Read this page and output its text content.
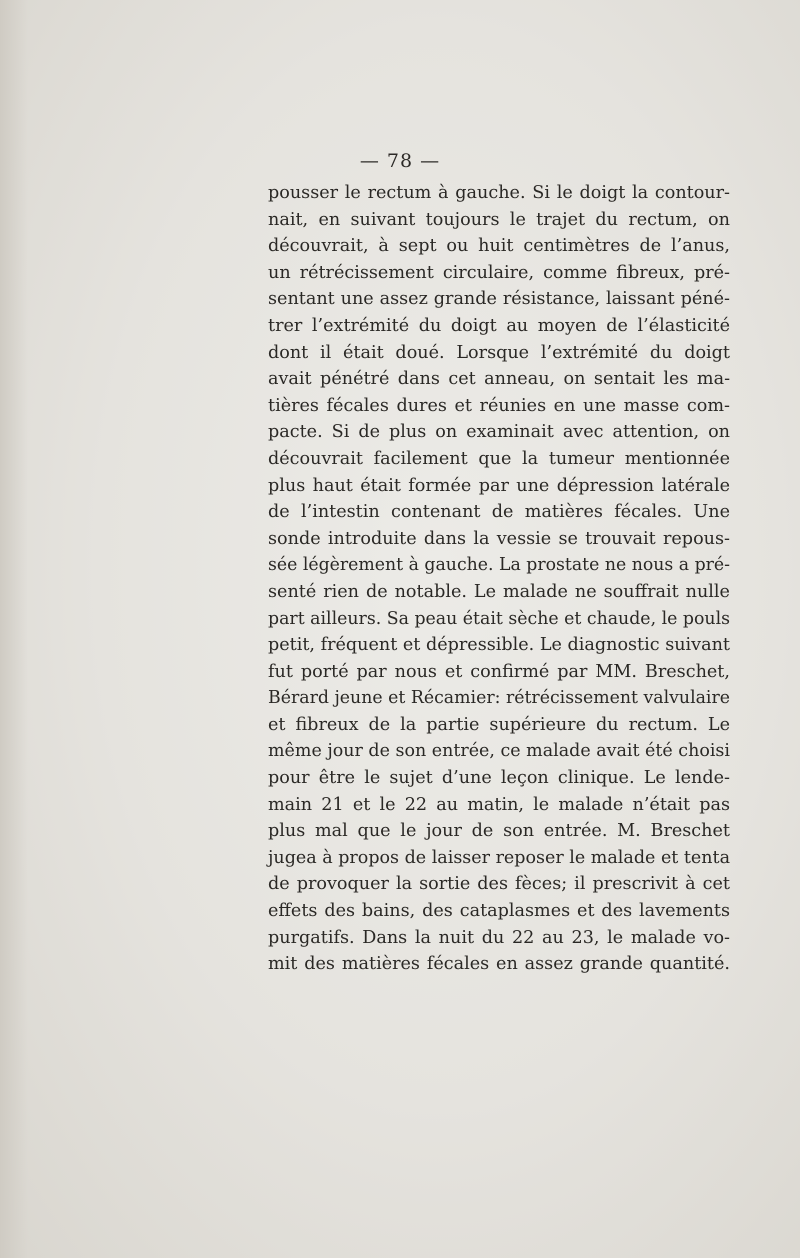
— 78 —
pousser le rectum à gauche. Si le doigt la contour-
nait, en suivant toujours le trajet du rectum, on
découvrait, à sept ou huit centimètres de l’anus,
un rétrécissement circulaire, comme fibreux, pré-
sentant une assez grande résistance, laissant péné-
trer l’extrémité du doigt au moyen de l’élasticité
dont il était doué. Lorsque l’extrémité du doigt
avait pénétré dans cet anneau, on sentait les ma-
tières fécales dures et réunies en une masse com-
pacte. Si de plus on examinait avec attention, on
découvrait facilement que la tumeur mentionnée
plus haut était formée par une dépression latérale
de l’intestin contenant de matières fécales. Une
sonde introduite dans la vessie se trouvait repous-
sée légèrement à gauche. La prostate ne nous a pré-
senté rien de notable. Le malade ne souffrait nulle
part ailleurs. Sa peau était sèche et chaude, le pouls
petit, fréquent et dépressible. Le diagnostic suivant
fut porté par nous et confirmé par MM. Breschet,
Bérard jeune et Récamier: rétrécissement valvulaire
et fibreux de la partie supérieure du rectum. Le
même jour de son entrée, ce malade avait été choisi
pour être le sujet d’une leçon clinique. Le lende-
main 21 et le 22 au matin, le malade n’était pas
plus mal que le jour de son entrée. M. Breschet
jugea à propos de laisser reposer le malade et tenta
de provoquer la sortie des fèces; il prescrivit à cet
effets des bains, des cataplasmes et des lavements
purgatifs. Dans la nuit du 22 au 23, le malade vo-
mit des matières fécales en assez grande quantité.
